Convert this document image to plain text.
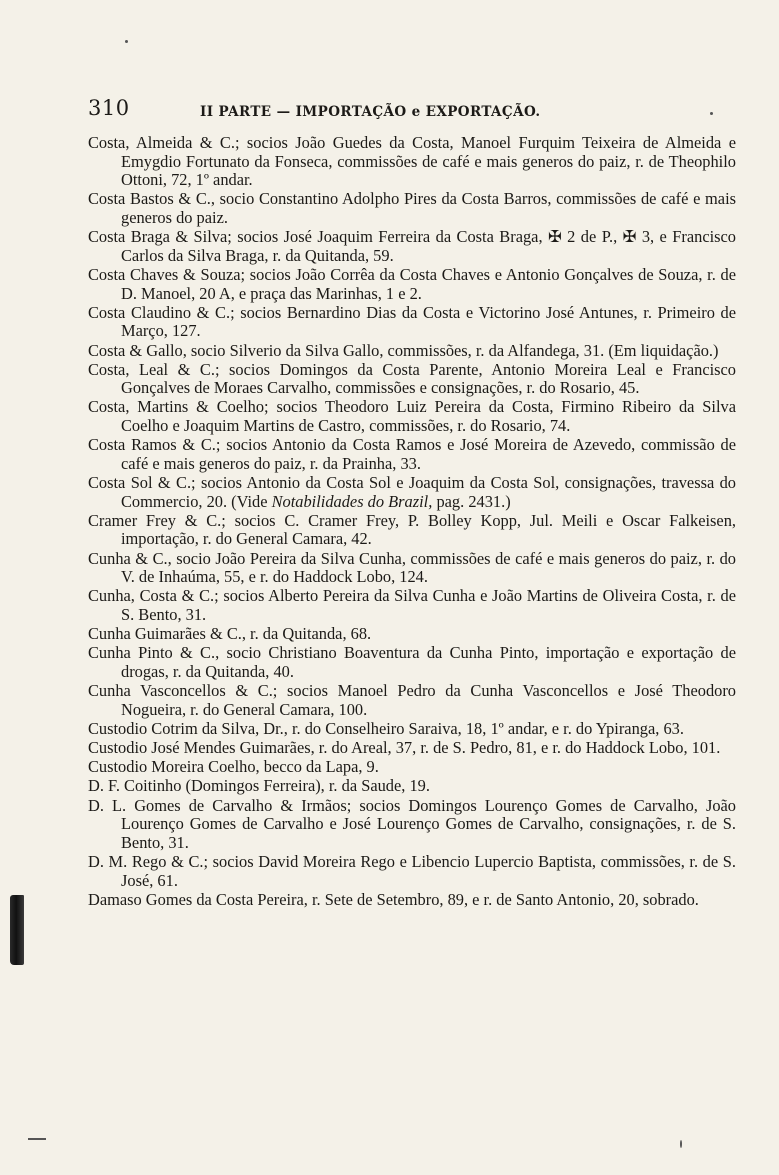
310	II PARTE — IMPORTAÇÃO e EXPORTAÇÃO.

Costa, Almeida & C.; socios João Guedes da Costa, Manoel Furquim Teixeira de Almeida e Emygdio Fortunato da Fonseca, commissões de café e mais generos do paiz, r. de Theophilo Ottoni, 72, 1º andar.

Costa Bastos & C., socio Constantino Adolpho Pires da Costa Barros, commissões de café e mais generos do paiz.

Costa Braga & Silva; socios José Joaquim Ferreira da Costa Braga, ✠ 2 de P., ✠ 3, e Francisco Carlos da Silva Braga, r. da Quitanda, 59.

Costa Chaves & Souza; socios João Corrêa da Costa Chaves e Antonio Gonçalves de Souza, r. de D. Manoel, 20 A, e praça das Marinhas, 1 e 2.

Costa Claudino & C.; socios Bernardino Dias da Costa e Victorino José Antunes, r. Primeiro de Março, 127.

Costa & Gallo, socio Silverio da Silva Gallo, commissões, r. da Alfandega, 31. (Em liquidação.)

Costa, Leal & C.; socios Domingos da Costa Parente, Antonio Moreira Leal e Francisco Gonçalves de Moraes Carvalho, commissões e consignações, r. do Rosario, 45.

Costa, Martins & Coelho; socios Theodoro Luiz Pereira da Costa, Firmino Ribeiro da Silva Coelho e Joaquim Martins de Castro, commissões, r. do Rosario, 74.

Costa Ramos & C.; socios Antonio da Costa Ramos e José Moreira de Azevedo, commissão de café e mais generos do paiz, r. da Prainha, 33.

Costa Sol & C.; socios Antonio da Costa Sol e Joaquim da Costa Sol, consignações, travessa do Commercio, 20. (Vide Notabilidades do Brazil, pag. 2431.)

Cramer Frey & C.; socios C. Cramer Frey, P. Bolley Kopp, Jul. Meili e Oscar Falkeisen, importação, r. do General Camara, 42.

Cunha & C., socio João Pereira da Silva Cunha, commissões de café e mais generos do paiz, r. do V. de Inhaúma, 55, e r. do Haddock Lobo, 124.

Cunha, Costa & C.; socios Alberto Pereira da Silva Cunha e João Martins de Oliveira Costa, r. de S. Bento, 31.

Cunha Guimarães & C., r. da Quitanda, 68.

Cunha Pinto & C., socio Christiano Boaventura da Cunha Pinto, importação e exportação de drogas, r. da Quitanda, 40.

Cunha Vasconcellos & C.; socios Manoel Pedro da Cunha Vasconcellos e José Theodoro Nogueira, r. do General Camara, 100.

Custodio Cotrim da Silva, Dr., r. do Conselheiro Saraiva, 18, 1º andar, e r. do Ypiranga, 63.

Custodio José Mendes Guimarães, r. do Areal, 37, r. de S. Pedro, 81, e r. do Haddock Lobo, 101.

Custodio Moreira Coelho, becco da Lapa, 9.

D. F. Coitinho (Domingos Ferreira), r. da Saude, 19.

D. L. Gomes de Carvalho & Irmãos; socios Domingos Lourenço Gomes de Carvalho, João Lourenço Gomes de Carvalho e José Lourenço Gomes de Carvalho, consignações, r. de S. Bento, 31.

D. M. Rego & C.; socios David Moreira Rego e Libencio Lupercio Baptista, commissões, r. de S. José, 61.

Damaso Gomes da Costa Pereira, r. Sete de Setembro, 89, e r. de Santo Antonio, 20, sobrado.
